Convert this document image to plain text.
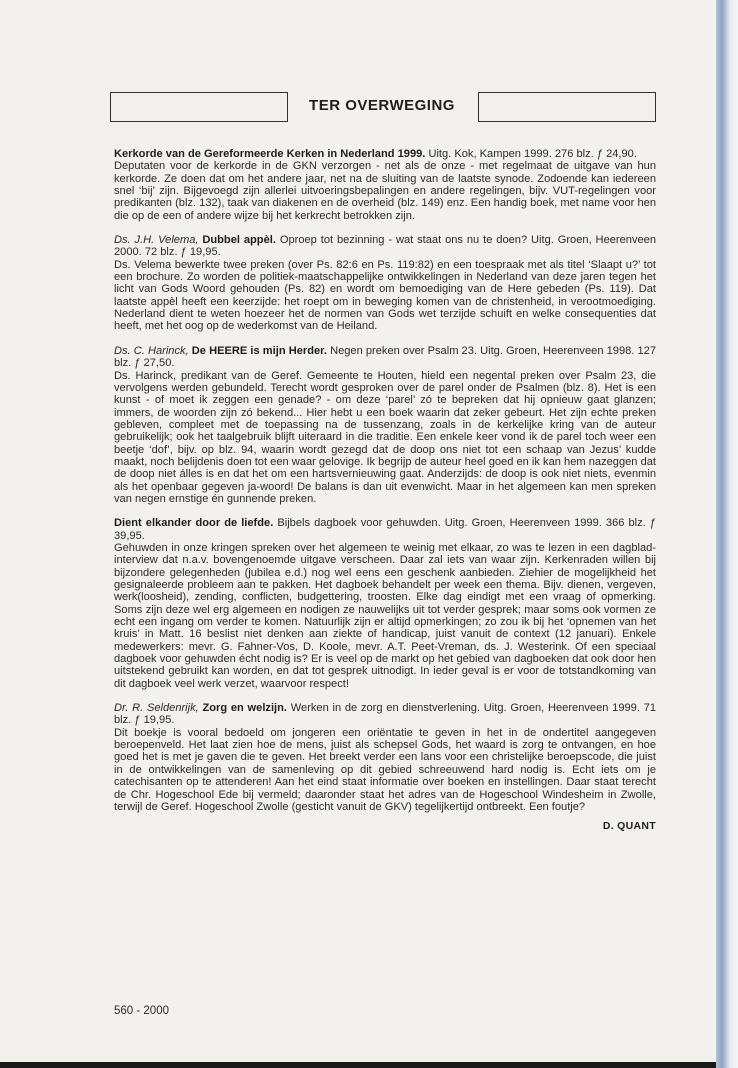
TER OVERWEGING
Kerkorde van de Gereformeerde Kerken in Nederland 1999. Uitg. Kok, Kampen 1999. 276 blz. ƒ 24,90.

Deputaten voor de kerkorde in de GKN verzorgen - net als de onze - met regelmaat de uitgave van hun kerkorde. Ze doen dat om het andere jaar, net na de sluiting van de laatste synode. Zodoende kan iedereen snel ‘bij’ zijn. Bijgevoegd zijn allerlei uitvoeringsbepalingen en andere regelingen, bijv. VUT-regelingen voor predikanten (blz. 132), taak van diakenen en de overheid (blz. 149) enz. Een handig boek, met name voor hen die op de een of andere wijze bij het kerkrecht betrokken zijn.

Ds. J.H. Velema, Dubbel appèl. Oproep tot bezinning - wat staat ons nu te doen? Uitg. Groen, Heerenveen 2000. 72 blz. ƒ 19,95.

Ds. Velema bewerkte twee preken (over Ps. 82:6 en Ps. 119:82) en een toespraak met als titel ‘Slaapt u?’ tot een brochure. Zo worden de politiek-maatschappelijke ontwikkelingen in Nederland van deze jaren tegen het licht van Gods Woord gehouden (Ps. 82) en wordt om bemoediging van de Here gebeden (Ps. 119). Dat laatste appèl heeft een keerzijde: het roept om in beweging komen van de christenheid, in verootmoediging. Nederland dient te weten hoezeer het de normen van Gods wet terzijde schuift en welke consequenties dat heeft, met het oog op de wederkomst van de Heiland.

Ds. C. Harinck, De HEERE is mijn Herder. Negen preken over Psalm 23. Uitg. Groen, Heerenveen 1998. 127 blz. ƒ 27,50.

Ds. Harinck, predikant van de Geref. Gemeente te Houten, hield een negental preken over Psalm 23, die vervolgens werden gebundeld. Terecht wordt gesproken over de parel onder de Psalmen (blz. 8). Het is een kunst - of moet ik zeggen een genade? - om deze ‘parel’ zó te bepreken dat hij opnieuw gaat glanzen; immers, de woorden zijn zó bekend... Hier hebt u een boek waarin dat zeker gebeurt. Het zijn echte preken gebleven, compleet met de toepassing na de tussenzang, zoals in de kerkelijke kring van de auteur gebruikelijk; ook het taalgebruik blijft uiteraard in die traditie. Een enkele keer vond ik de parel toch weer een beetje ‘dof’, bijv. op blz. 94, waarin wordt gezegd dat de doop ons niet tot een schaap van Jezus’ kudde maakt, noch belijdenis doen tot een waar gelovige. Ik begrijp de auteur heel goed en ik kan hem nazeggen dat de doop niet álles is en dat het om een hartsvernieuwing gaat. Anderzijds: de doop is ook niet niets, evenmin als het openbaar gegeven ja-woord! De balans is dan uit evenwicht. Maar in het algemeen kan men spreken van negen ernstige én gunnende preken.

Dient elkander door de liefde. Bijbels dagboek voor gehuwden. Uitg. Groen, Heerenveen 1999. 366 blz. ƒ 39,95.

Gehuwden in onze kringen spreken over het algemeen te weinig met elkaar, zo was te lezen in een dagblad-interview dat n.a.v. bovengenoemde uitgave verscheen. Daar zal iets van waar zijn. Kerkenraden willen bij bijzondere gelegenheden (jubilea e.d.) nog wel eens een geschenk aanbieden. Ziehier de mogelijkheid het gesignaleerde probleem aan te pakken. Het dagboek behandelt per week een thema. Bijv. dienen, vergeven, werk(loosheid), zending, conflicten, budgettering, troosten. Elke dag eindigt met een vraag of opmerking. Soms zijn deze wel erg algemeen en nodigen ze nauwelijks uit tot verder gesprek; maar soms ook vormen ze echt een ingang om verder te komen. Natuurlijk zijn er altijd opmerkingen; zo zou ik bij het ‘opnemen van het kruis’ in Matt. 16 beslist niet denken aan ziekte of handicap, juist vanuit de context (12 januari). Enkele medewerkers: mevr. G. Fahner-Vos, D. Koole, mevr. A.T. Peet-Vreman, ds. J. Westerink. Of een speciaal dagboek voor gehuwden écht nodig is? Er is veel op de markt op het gebied van dagboeken dat ook door hen uitstekend gebruikt kan worden, en dat tot gesprek uitnodigt. In ieder geval is er voor de totstandkoming van dit dagboek veel werk verzet, waarvoor respect!

Dr. R. Seldenrijk, Zorg en welzijn. Werken in de zorg en dienstverlening. Uitg. Groen, Heerenveen 1999. 71 blz. ƒ 19,95.

Dit boekje is vooral bedoeld om jongeren een oriëntatie te geven in het in de ondertitel aangegeven beroepenveld. Het laat zien hoe de mens, juist als schepsel Gods, het waard is zorg te ontvangen, en hoe goed het is met je gaven die te geven. Het breekt verder een lans voor een christelijke beroepscode, die juist in de ontwikkelingen van de samenleving op dit gebied schreeuwend hard nodig is. Echt iets om je catechisanten op te attenderen! Aan het eind staat informatie over boeken en instellingen. Daar staat terecht de Chr. Hogeschool Ede bij vermeld; daaronder staat het adres van de Hogeschool Windesheim in Zwolle, terwijl de Geref. Hogeschool Zwolle (gesticht vanuit de GKV) tegelijkertijd ontbreekt. Een foutje?

D. QUANT
560 - 2000
